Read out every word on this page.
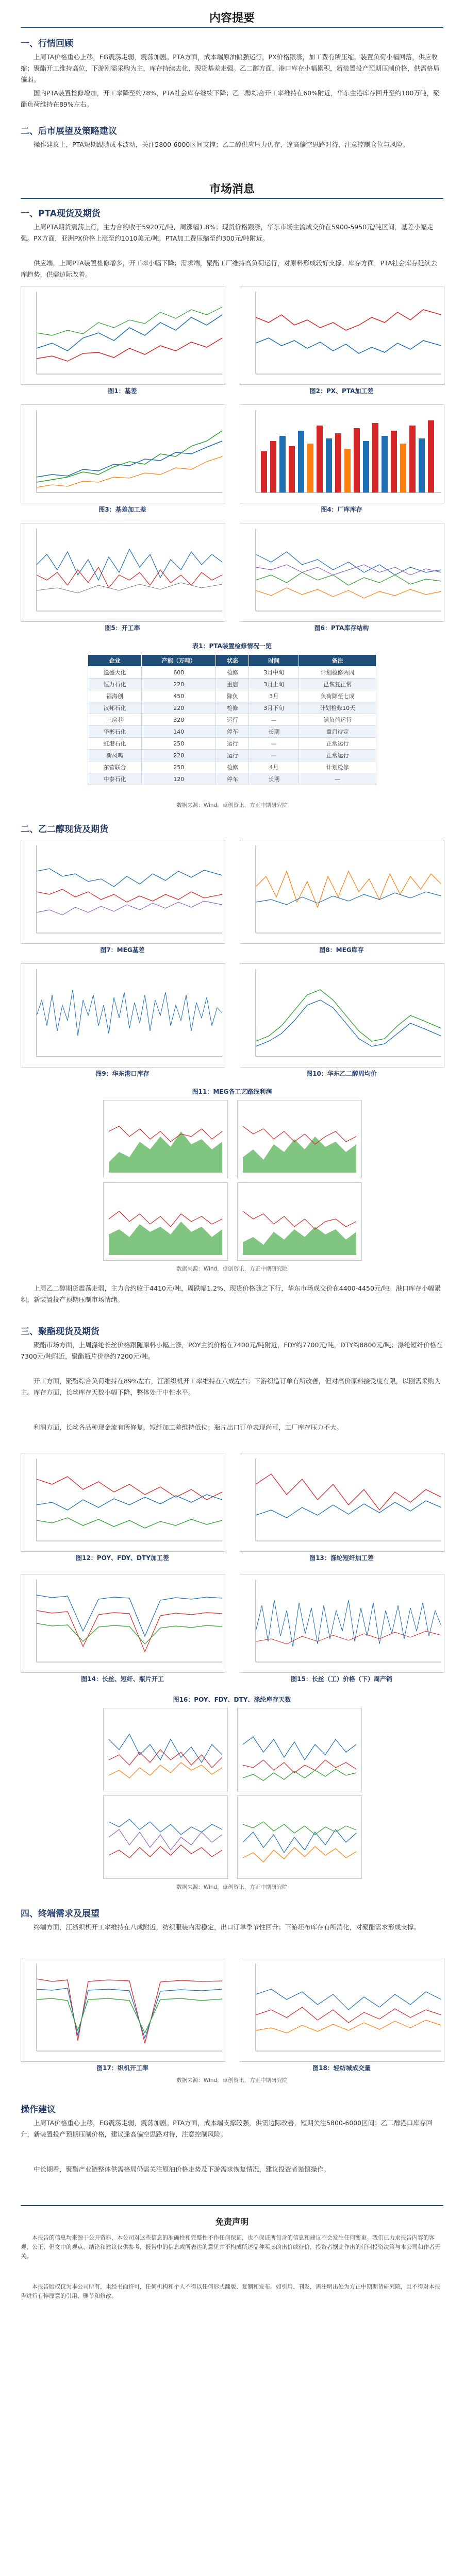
内容提要
一、行情回顾
上周TA价格重心上移，EG震荡走弱，震荡加剧。PTA方面，成本端原油偏强运行，PX价格跟涨，加工费有所压缩，装置负荷小幅回落，供应收缩；聚酯开工维持高位，下游刚需采购为主，库存持续去化，现货基差走强。乙二醇方面，港口库存小幅累积，新装置投产预期压制价格，供需格局偏弱。
国内PTA装置检修增加，开工率降至约78%，PTA社会库存继续下降；乙二醇综合开工率维持在60%附近，华东主港库存回升至约100万吨，聚酯负荷维持在89%左右。
二、后市展望及策略建议
操作建议上，PTA短期跟随成本波动，关注5800-6000区间支撑；乙二醇供应压力仍存，逢高偏空思路对待，注意控制仓位与风险。
市场消息
一、PTA现货及期货
上周PTA期货震荡上行，主力合约收于5920元/吨，周涨幅1.8%；现货价格跟涨，华东市场主流成交价在5900-5950元/吨区间，基差小幅走强。PX方面，亚洲PX价格上涨至约1010美元/吨，PTA加工费压缩至约300元/吨附近。
供应端，上周PTA装置检修增多，开工率小幅下降；需求端，聚酯工厂维持高负荷运行，对原料形成较好支撑。库存方面，PTA社会库存延续去库趋势，供需边际改善。
图1：基差	图2：PX、PTA加工差
图3：基差加工差	图4：厂库库存
图5：开工率	图6：PTA库存结构
表1：PTA装置检修情况一览
企业	产能（万吨）	状态	时间	备注
逸盛大化	600	检修	3月中旬	计划检修两周
恒力石化	220	重启	3月上旬	已恢复正常
福海创	450	降负	3月	负荷降至七成
汉邦石化	220	检修	3月下旬	计划检修10天
三房巷	320	运行	—	满负荷运行
华彬石化	140	停车	长期	重启待定
虹港石化	250	运行	—	正常运行
新凤鸣	220	运行	—	正常运行
东营联合	250	检修	4月	计划检修
中泰石化	120	停车	长期	—
数据来源：Wind，卓创资讯，方正中期研究院
二、乙二醇现货及期货
图7：MEG基差	图8：MEG库存
图9：华东港口库存	图10：华东乙二醇周均价
图11：MEG各工艺路线利润
数据来源：Wind，卓创资讯，方正中期研究院
上周乙二醇期货震荡走弱，主力合约收于4410元/吨，周跌幅1.2%，现货价格随之下行，华东市场成交价在4400-4450元/吨。港口库存小幅累积，新装置投产预期压制市场情绪。
三、聚酯现货及期货
聚酯市场方面，上周涤纶长丝价格跟随原料小幅上涨，POY主流价格在7400元/吨附近，FDY约7700元/吨，DTY约8800元/吨；涤纶短纤价格在7300元/吨附近，聚酯瓶片价格约7200元/吨。
开工方面，聚酯综合负荷维持在89%左右，江浙织机开工率维持在八成左右；下游织造订单有所改善，但对高价原料接受度有限，以刚需采购为主。库存方面，长丝库存天数小幅下降，整体处于中性水平。
利润方面，长丝各品种现金流有所修复，短纤加工差维持低位；瓶片出口订单表现尚可，工厂库存压力不大。
图12：POY、FDY、DTY加工差	图13：涤纶短纤加工差
图14：长丝、短纤、瓶片开工	图15：长丝（工）价格（下）周产销
图16：POY、FDY、DTY、涤纶库存天数
数据来源：Wind，卓创资讯，方正中期研究院
四、终端需求及展望
终端方面，江浙织机开工率维持在八成附近，纺织服装内需稳定，出口订单季节性回升；下游坯布库存有所消化，对聚酯需求形成支撑。
图17：织机开工率	图18：轻纺城成交量
数据来源：Wind，卓创资讯，方正中期研究院
操作建议
上周TA价格重心上移，EG震荡走弱，震荡加剧。PTA方面，成本端支撑较强，供需边际改善，短期关注5800-6000区间；乙二醇港口库存回升，新装置投产预期压制价格，建议逢高偏空思路对待，注意控制风险。
中长期看，聚酯产业链整体供需格局仍需关注原油价格走势及下游需求恢复情况，建议投资者谨慎操作。
免责声明
本报告的信息均来源于公开资料，本公司对这些信息的准确性和完整性不作任何保证，也不保证所包含的信息和建议不会发生任何变更。我们已力求报告内容的客观、公正，但文中的观点、结论和建议仅供参考，报告中的信息或所表达的意见并不构成所述品种买卖的出价或征价，投资者据此作出的任何投资决策与本公司和作者无关。
本报告版权仅为本公司所有，未经书面许可，任何机构和个人不得以任何形式翻版、复制和发布。如引用、刊发，需注明出处为方正中期期货研究院，且不得对本报告进行有悖原意的引用、删节和修改。
